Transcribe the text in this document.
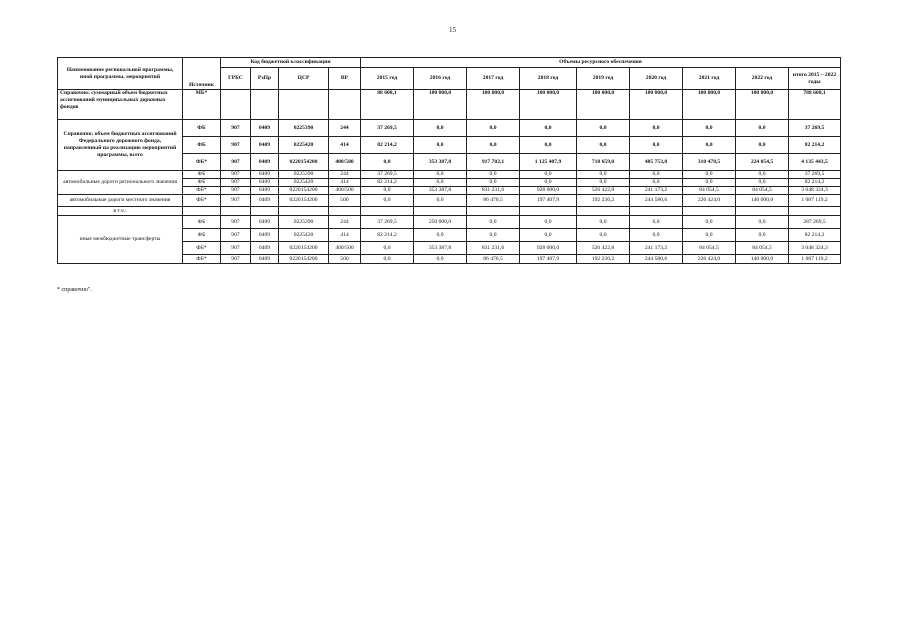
15
Наименование региональной программы, иной программы, мероприятий	Источник	Код бюджетной классификации				Объемы ресурсного обеспечения								
		ГРБС	РзПр	ЦСР	ВР	2015 год	2016 год	2017 год	2018 год	2019 год	2020 год	2021 год	2022 год	итого 2015 – 2022 годы
Справочно: суммарный объем бюджетных ассигнований муниципальных дорожных фондов	МБ*					88 608,1	100 000,0	100 000,0	100 000,0	100 000,0	100 000,0	100 000,0	100 000,0	788 608,1
Справочно: объем бюджетных ассигнований Федерального дорожного фонда, направленный на реализацию мероприятий программы, всего	ФБ	907	0409	0225390	244	37 269,5	0,0	0,0	0,0	0,0	0,0	0,0	0,0	37 269,5
	ФБ	907	0409	0225420	414	82 214,2	0,0	0,0	0,0	0,0	0,0	0,0	0,0	82 214,2
	ФБ*	907	0409	0220154200	400/500	0,0	353 387,8	917 702,1	1 125 407,9	718 659,0	485 753,8	310 478,5	224 054,5	4 135 443,5
автомобильные дороги регионального значения	ФБ	907	0409	0225390	244	37 269,5	0,0	0,0	0,0	0,0	0,0	0,0	0,0	37 269,5
	ФБ	907	0409	0225420	414	82 214,2	0,0	0,0	0,0	0,0	0,0	0,0	0,0	82 214,2
	ФБ*	907	0409	0220154200	400/500	0,0	353 387,8	831 231,6	928 000,0	526 422,8	241 173,2	84 054,5	84 054,5	3 048 324,3
автомобильные дороги местного значения	ФБ*	907	0409	0220154200	500	0,0	0,0	86 470,5	197 407,9	192 236,2	244 580,6	226 424,0	140 000,0	1 087 119,2
в т.ч.:														
иные межбюджетные трансферты	ФБ	907	0409	0225390	244	37 269,5	250 000,0	0,0	0,0	0,0	0,0	0,0	0,0	287 269,5
	ФБ	907	0409	0225420	414	82 214,2	0,0	0,0	0,0	0,0	0,0	0,0	0,0	82 214,2
	ФБ*	907	0409	0220154200	400/500	0,0	353 387,8	831 231,6	928 000,0	526 422,8	241 173,2	84 054,5	84 054,5	3 048 324,3
	ФБ*	907	0409	0220154200	500	0,0	0,0	86 470,5	197 407,9	192 236,2	244 580,6	226 424,0	140 000,0	1 087 119,2
* справочно".
